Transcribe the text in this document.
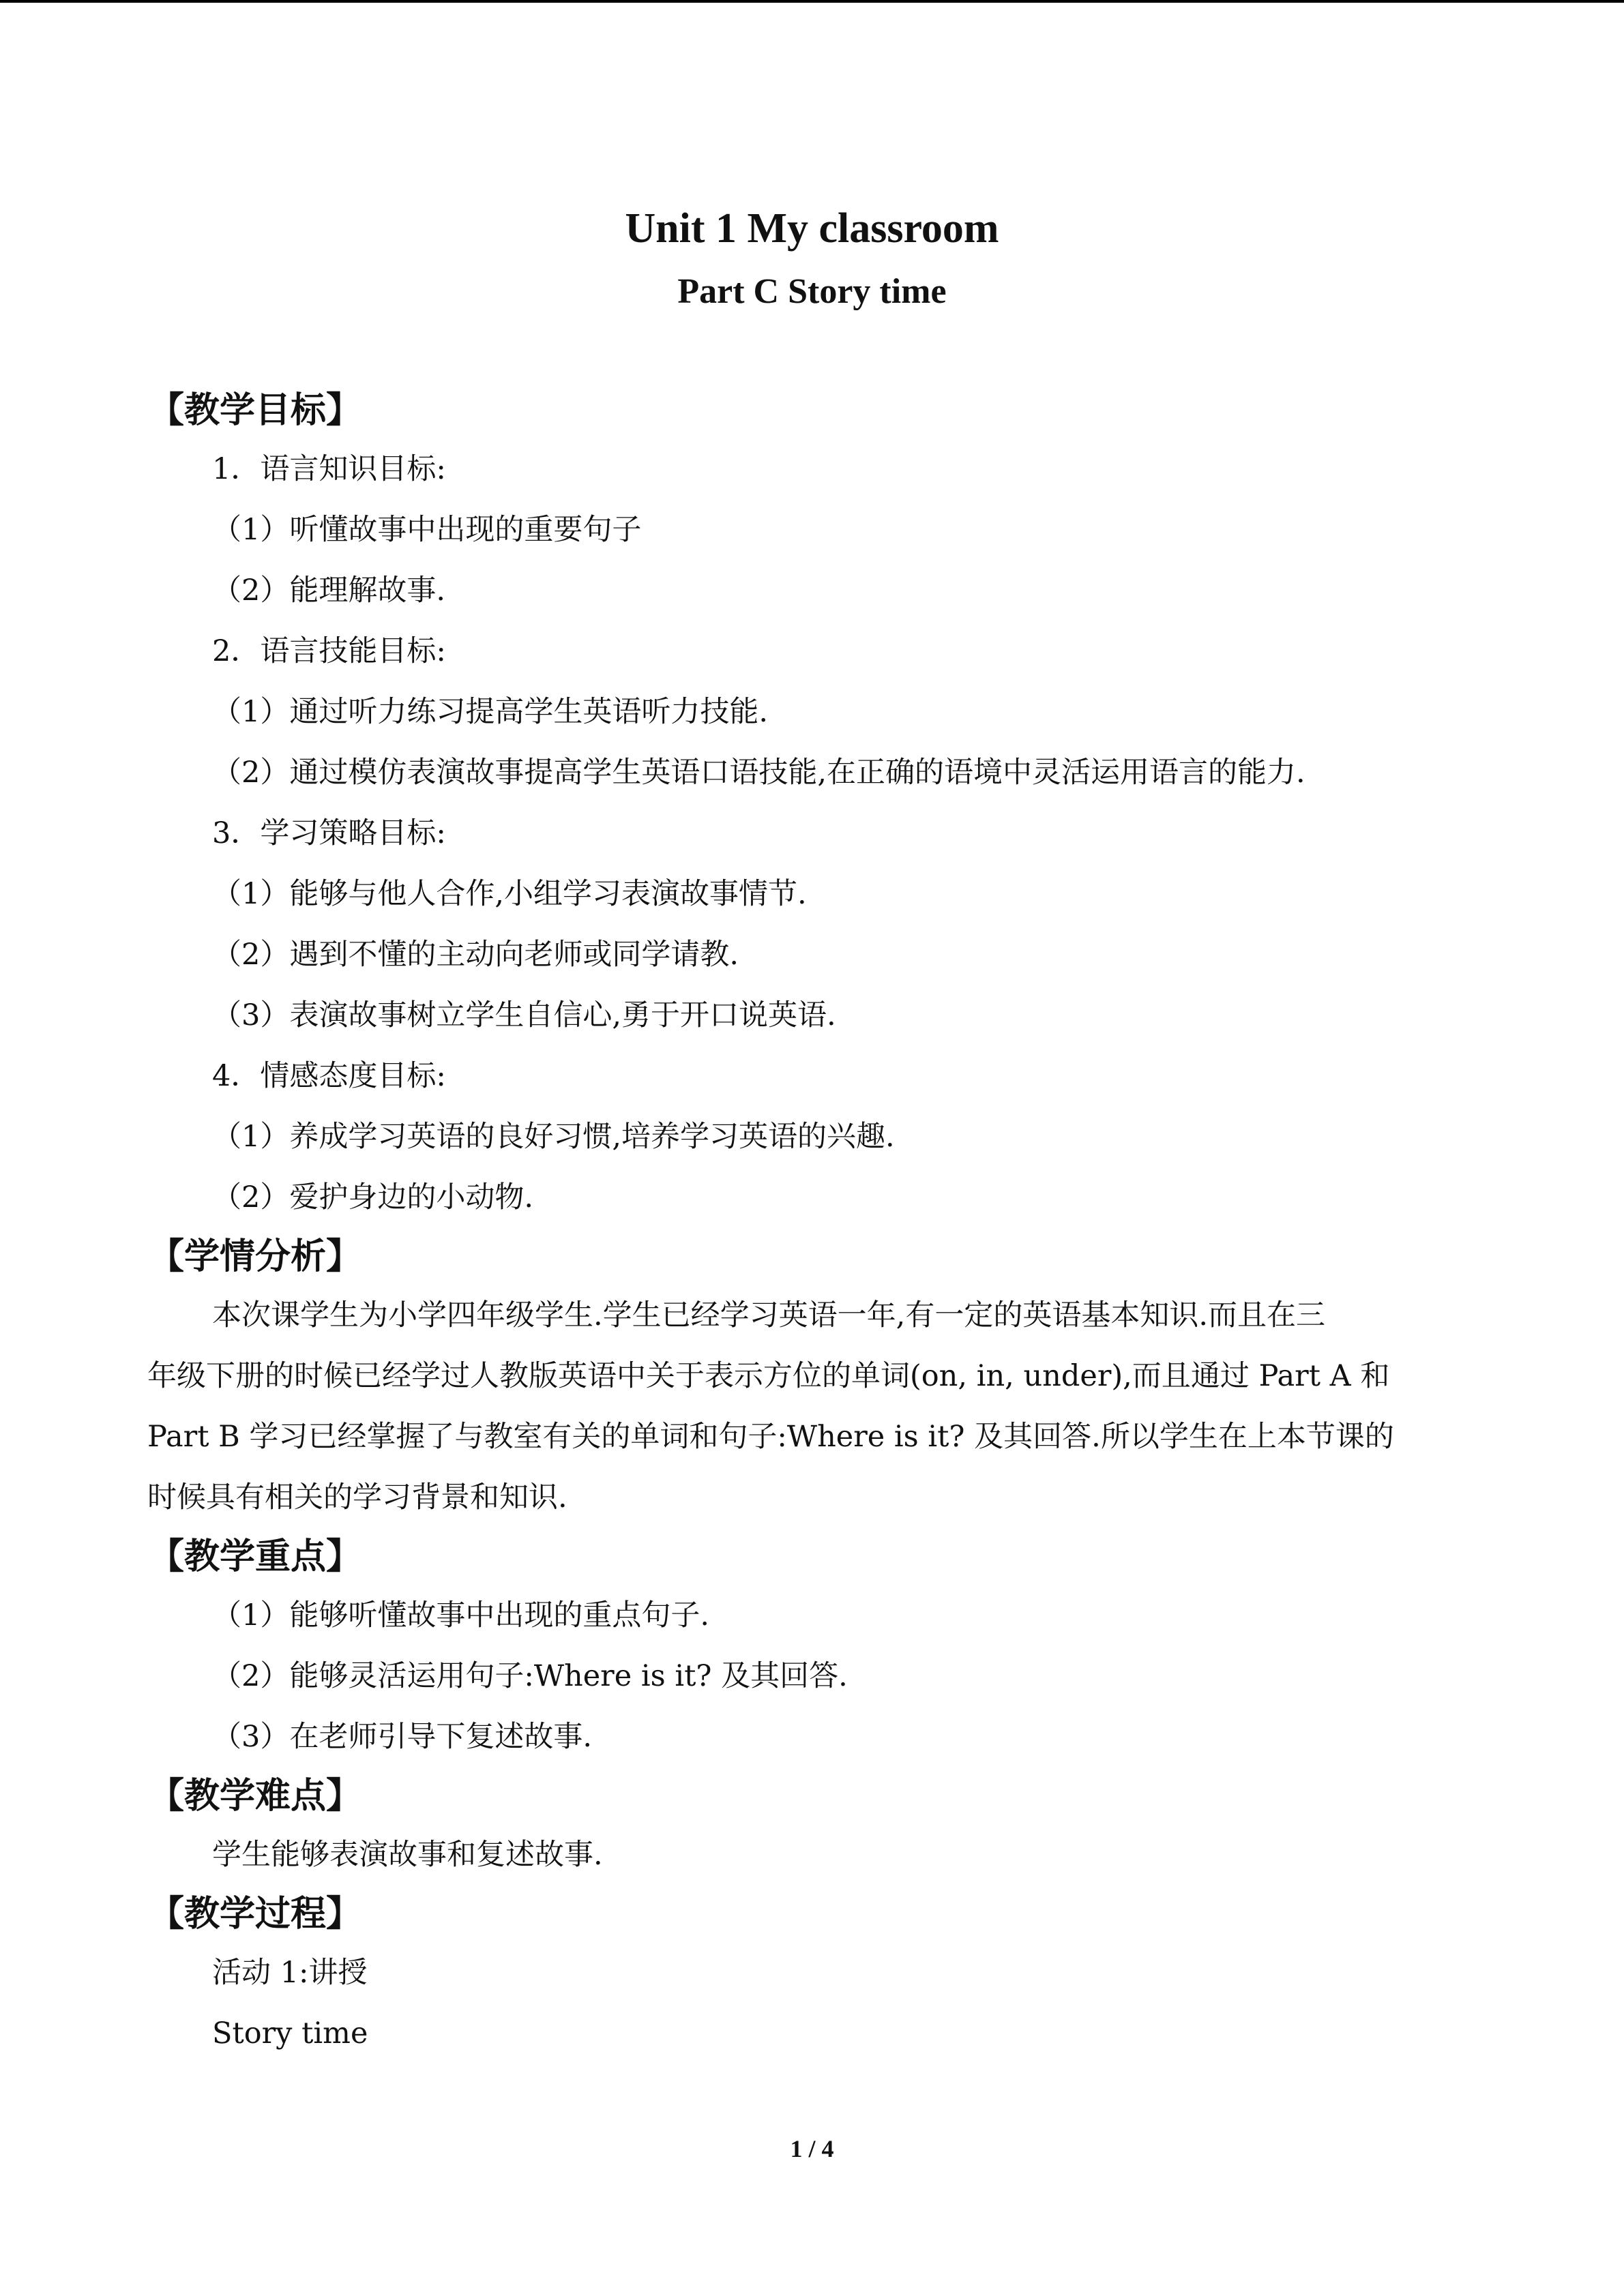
Unit 1 My classroom
Part C Story time
【教学目标】
1．语言知识目标:
（1）听懂故事中出现的重要句子
（2）能理解故事.
2．语言技能目标:
（1）通过听力练习提高学生英语听力技能.
（2）通过模仿表演故事提高学生英语口语技能,在正确的语境中灵活运用语言的能力.
3．学习策略目标:
（1）能够与他人合作,小组学习表演故事情节.
（2）遇到不懂的主动向老师或同学请教.
（3）表演故事树立学生自信心,勇于开口说英语.
4．情感态度目标:
（1）养成学习英语的良好习惯,培养学习英语的兴趣.
（2）爱护身边的小动物.
【学情分析】
本次课学生为小学四年级学生.学生已经学习英语一年,有一定的英语基本知识.而且在三
年级下册的时候已经学过人教版英语中关于表示方位的单词(on, in, under),而且通过 Part A 和
Part B 学习已经掌握了与教室有关的单词和句子:Where is it? 及其回答.所以学生在上本节课的
时候具有相关的学习背景和知识.
【教学重点】
（1）能够听懂故事中出现的重点句子.
（2）能够灵活运用句子:Where is it? 及其回答.
（3）在老师引导下复述故事.
【教学难点】
学生能够表演故事和复述故事.
【教学过程】
活动 1:讲授
Story time
1 / 4
